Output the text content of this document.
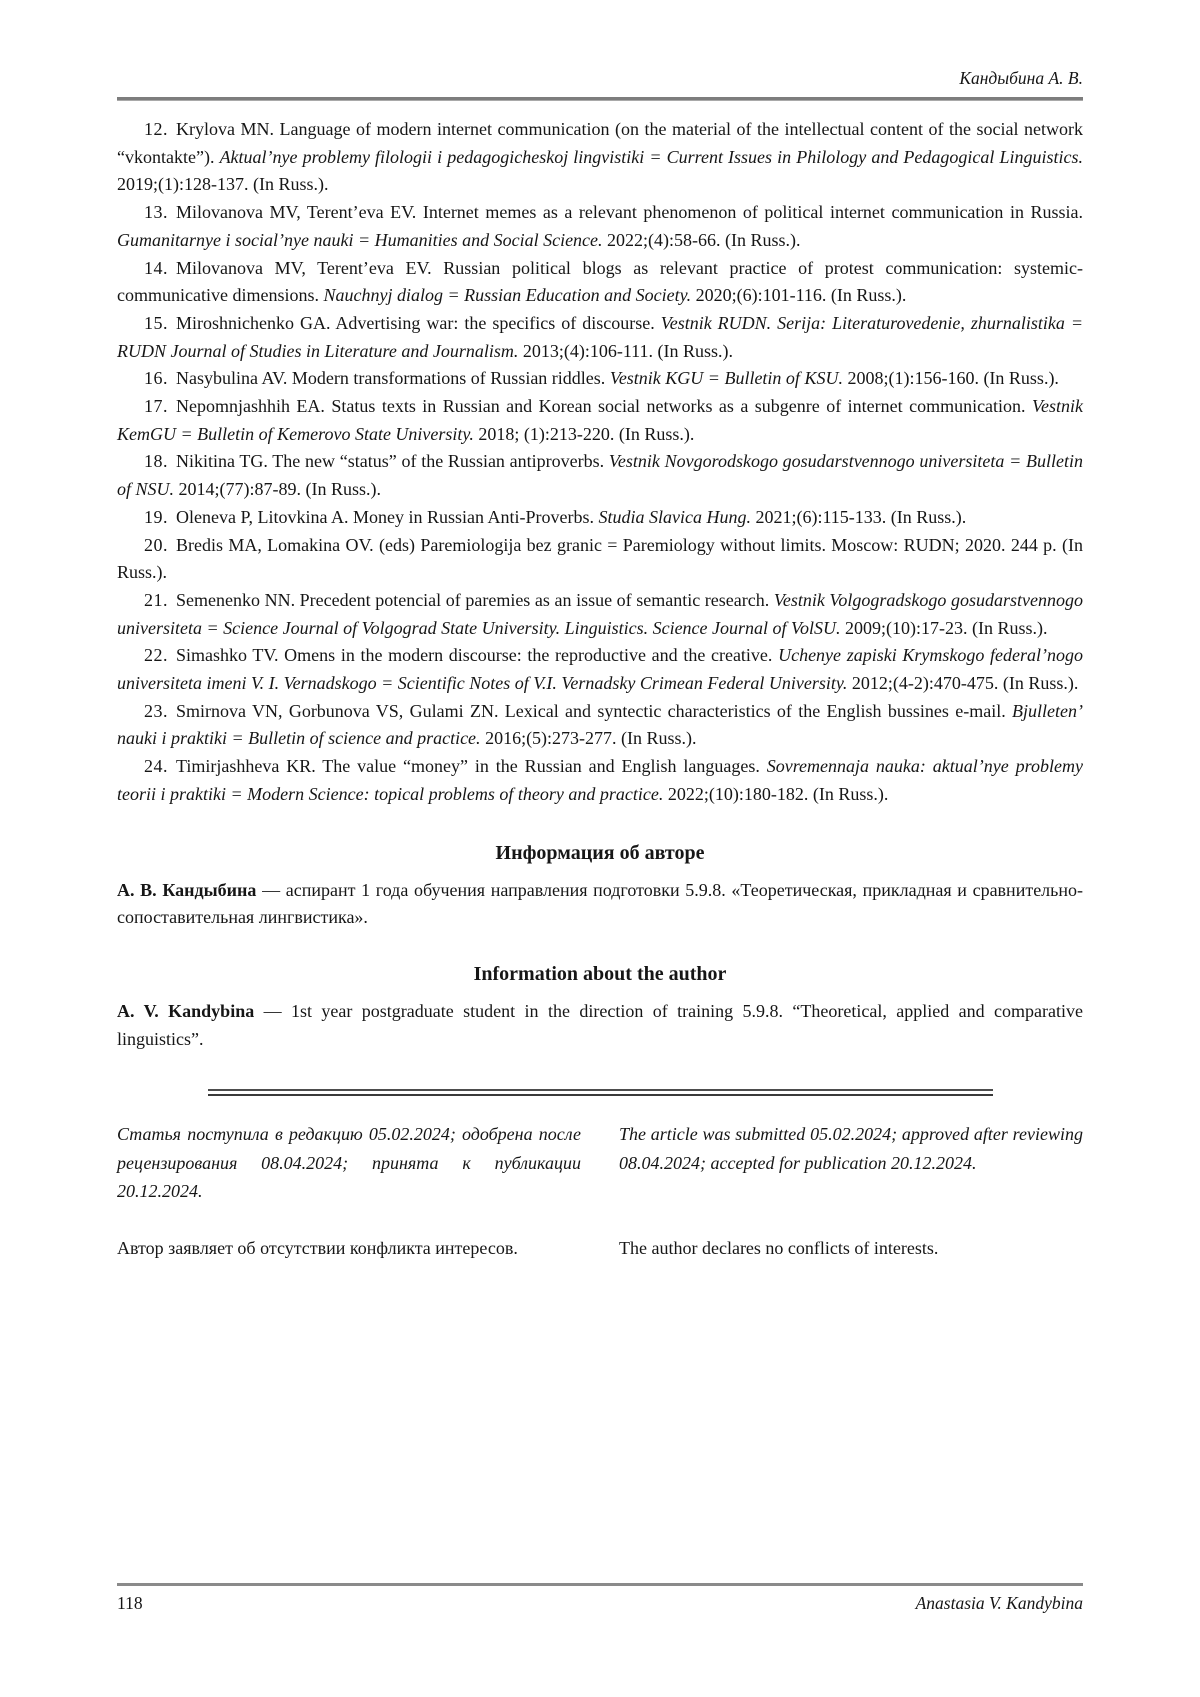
Кандыбина А. В.

12. Krylova MN. Language of modern internet communication (on the material of the intellectual content of the social network “vkontakte”). Aktual’nye problemy filologii i pedagogicheskoj lingvistiki = Current Issues in Philology and Pedagogical Linguistics. 2019;(1):128-137. (In Russ.).

13. Milovanova MV, Terent’eva EV. Internet memes as a relevant phenomenon of political internet communication in Russia. Gumanitarnye i social’nye nauki = Humanities and Social Science. 2022;(4):58-66. (In Russ.).

14. Milovanova MV, Terent’eva EV. Russian political blogs as relevant practice of protest communication: systemic-communicative dimensions. Nauchnyj dialog = Russian Education and Society. 2020;(6):101-116. (In Russ.).

15. Miroshnichenko GA. Advertising war: the specifics of discourse. Vestnik RUDN. Serija: Literaturovedenie, zhurnalistika = RUDN Journal of Studies in Literature and Journalism. 2013;(4):106-111. (In Russ.).

16. Nasybulina AV. Modern transformations of Russian riddles. Vestnik KGU = Bulletin of KSU. 2008;(1):156-160. (In Russ.).

17. Nepomnjashhih EA. Status texts in Russian and Korean social networks as a subgenre of internet communication. Vestnik KemGU = Bulletin of Kemerovo State University. 2018; (1):213-220. (In Russ.).

18. Nikitina TG. The new “status” of the Russian antiproverbs. Vestnik Novgorodskogo gosudarstvennogo universiteta = Bulletin of NSU. 2014;(77):87-89. (In Russ.).

19. Oleneva P, Litovkina A. Money in Russian Anti-Proverbs. Studia Slavica Hung. 2021;(6):115-133. (In Russ.).

20. Bredis MA, Lomakina OV. (eds) Paremiologija bez granic = Paremiology without limits. Moscow: RUDN; 2020. 244 p. (In Russ.).

21. Semenenko NN. Precedent potencial of paremies as an issue of semantic research. Vestnik Volgogradskogo gosudarstvennogo universiteta = Science Journal of Volgograd State University. Linguistics. Science Journal of VolSU. 2009;(10):17-23. (In Russ.).

22. Simashko TV. Omens in the modern discourse: the reproductive and the creative. Uchenye zapiski Krymskogo federal’nogo universiteta imeni V. I. Vernadskogo = Scientific Notes of V.I. Vernadsky Crimean Federal University. 2012;(4-2):470-475. (In Russ.).

23. Smirnova VN, Gorbunova VS, Gulami ZN. Lexical and syntectic characteristics of the English bussines e-mail. Bjulleten’ nauki i praktiki = Bulletin of science and practice. 2016;(5):273-277. (In Russ.).

24. Timirjashheva KR. The value “money” in the Russian and English languages. Sovremennaja nauka: aktual’nye problemy teorii i praktiki = Modern Science: topical problems of theory and practice. 2022;(10):180-182. (In Russ.).

Информация об авторе

А. В. Кандыбина — аспирант 1 года обучения направления подготовки 5.9.8. «Теоретическая, прикладная и сравнительно-сопоставительная лингвистика».

Information about the author

A. V. Kandybina — 1st year postgraduate student in the direction of training 5.9.8. “Theoretical, applied and comparative linguistics”.

Статья поступила в редакцию 05.02.2024; одобрена после рецензирования 08.04.2024; принята к публикации 20.12.2024.

The article was submitted 05.02.2024; approved after reviewing 08.04.2024; accepted for publication 20.12.2024.

Автор заявляет об отсутствии конфликта интересов.	The author declares no conflicts of interests.

118	Anastasia V. Kandybina
